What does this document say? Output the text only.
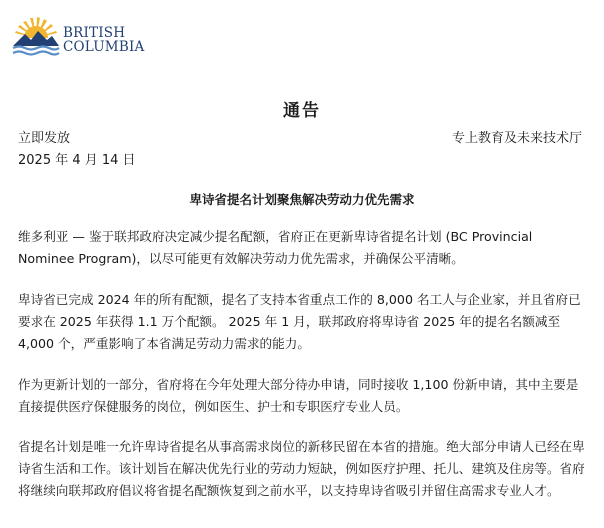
BRITISH
COLUMBIA
通告
立即发放
2025 年 4 月 14 日
专上教育及未来技术厅
卑诗省提名计划聚焦解决劳动力优先需求

维多利亚 — 鉴于联邦政府决定减少提名配额，省府正在更新卑诗省提名计划 (BC Provincial Nominee Program)，以尽可能更有效解决劳动力优先需求，并确保公平清晰。

卑诗省已完成 2024 年的所有配额，提名了支持本省重点工作的 8,000 名工人与企业家，并且省府已要求在 2025 年获得 1.1 万个配额。 2025 年 1 月，联邦政府将卑诗省 2025 年的提名名额减至 4,000 个，严重影响了本省满足劳动力需求的能力。

作为更新计划的一部分，省府将在今年处理大部分待办申请，同时接收 1,100 份新申请，其中主要是直接提供医疗保健服务的岗位，例如医生、护士和专职医疗专业人员。

省提名计划是唯一允许卑诗省提名从事高需求岗位的新移民留在本省的措施。绝大部分申请人已经在卑诗省生活和工作。该计划旨在解决优先行业的劳动力短缺，例如医疗护理、托儿、建筑及住房等。省府将继续向联邦政府倡议将省提名配额恢复到之前水平，以支持卑诗省吸引并留住高需求专业人才。
